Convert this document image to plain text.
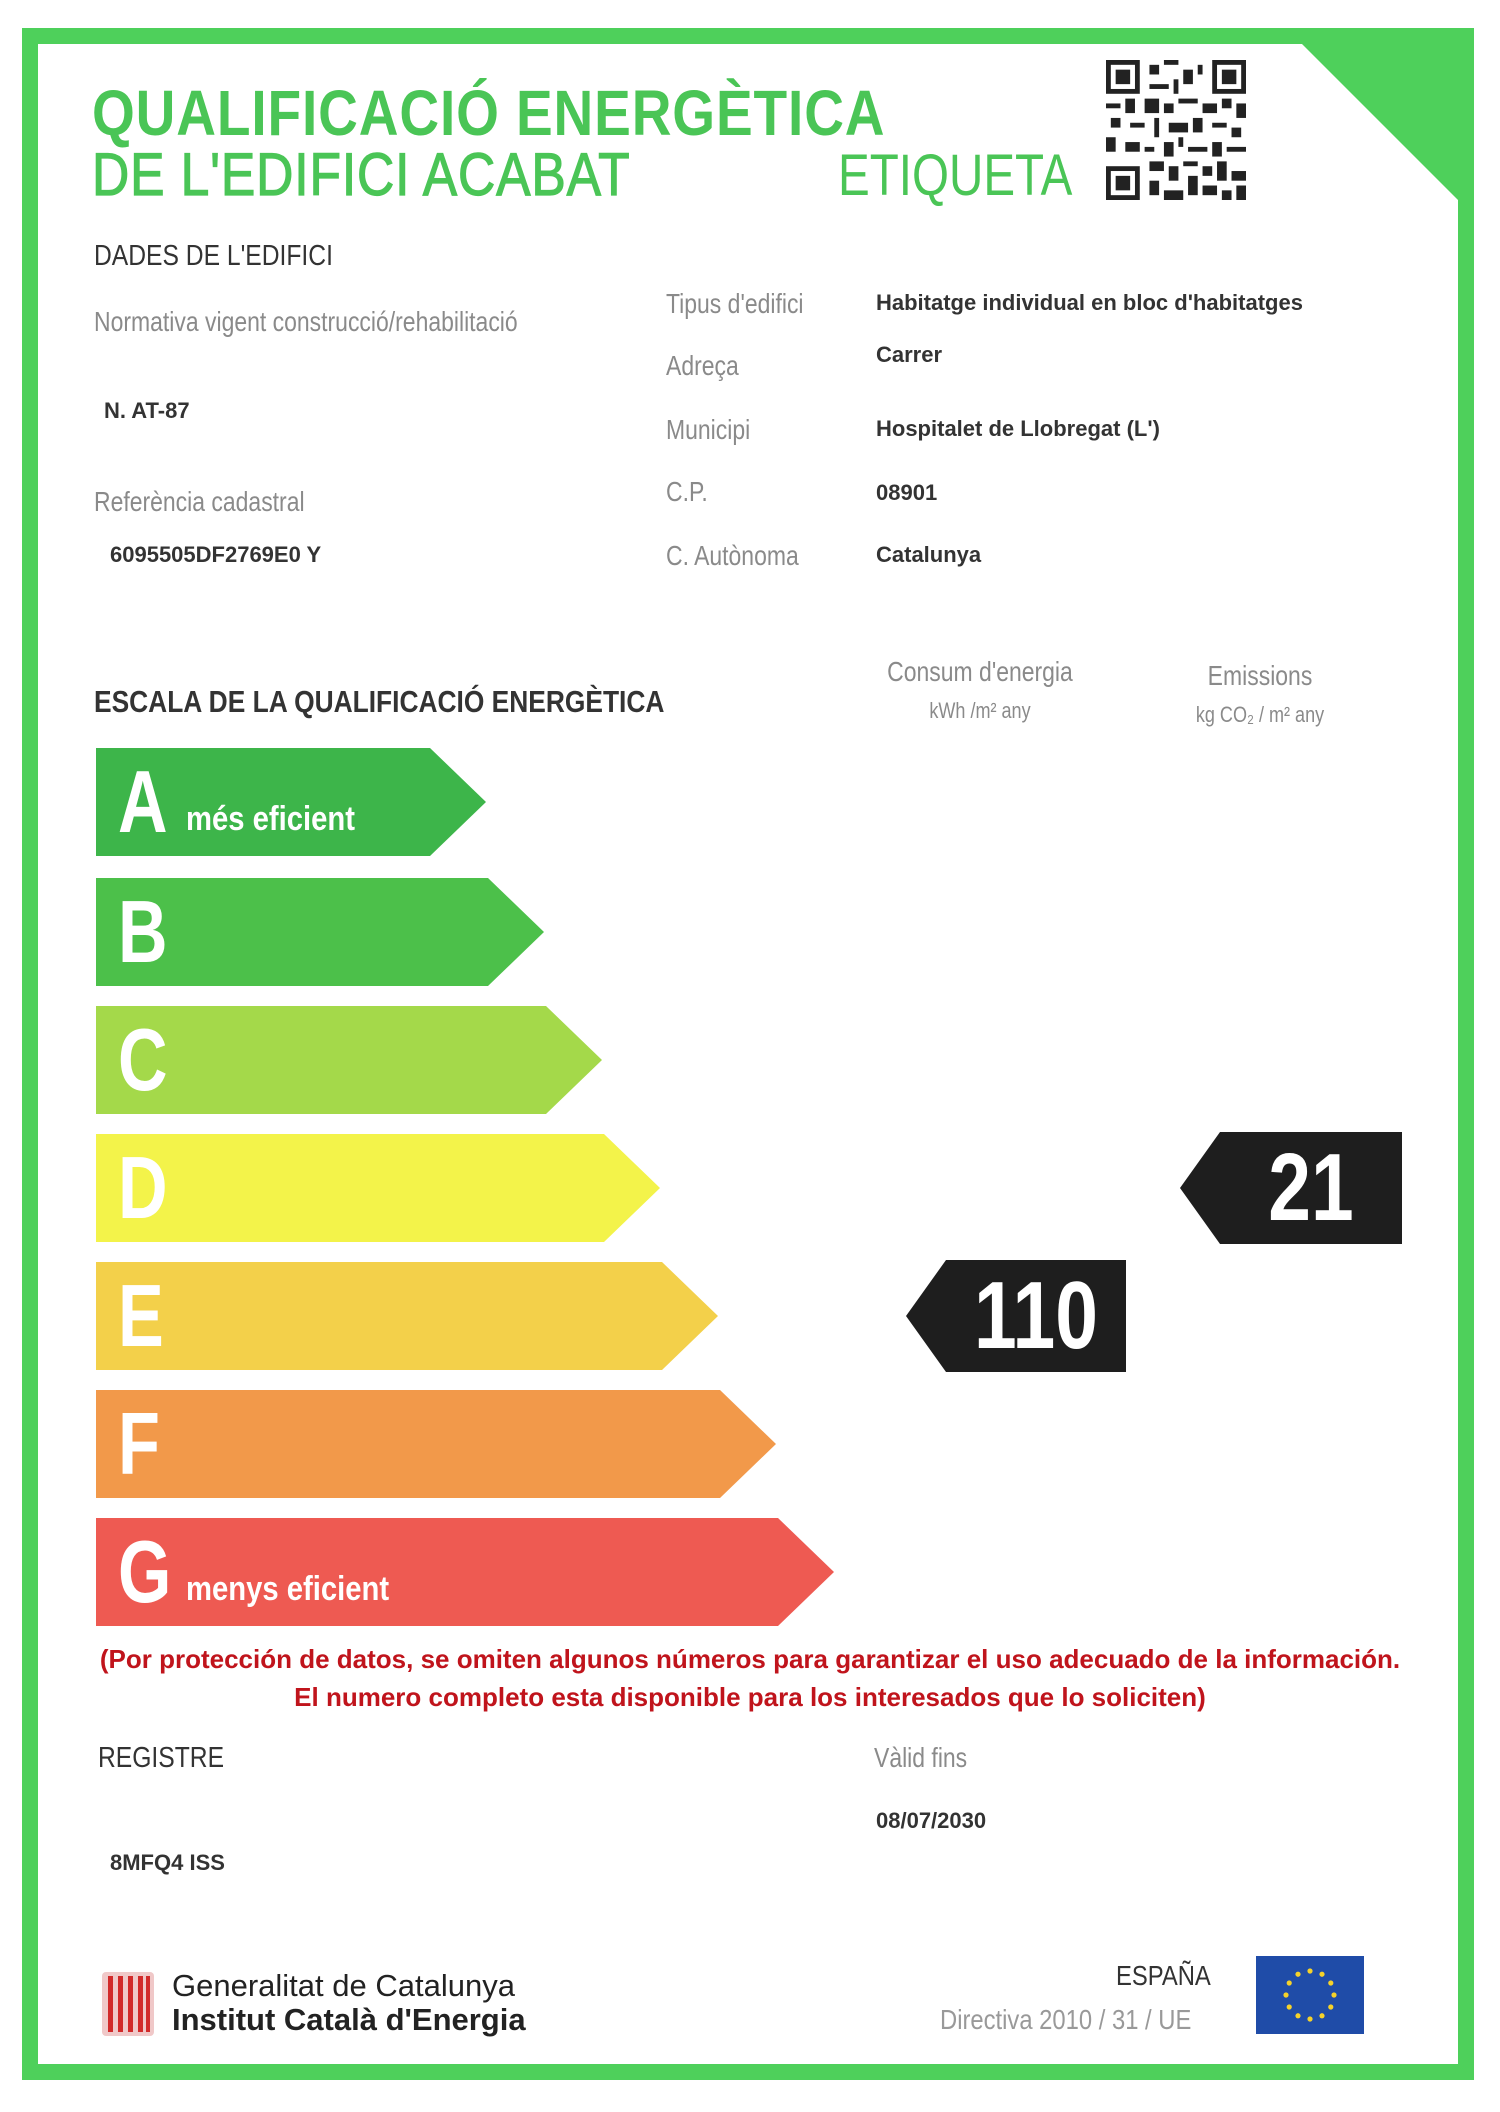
QUALIFICACIÓ ENERGÈTICA
DE L'EDIFICI ACABAT	ETIQUETA
DADES DE L'EDIFICI
Normativa vigent construcció/rehabilitació
N. AT-87
Referència cadastral
6095505DF2769E0 Y
Tipus d'edifici	Habitatge individual en bloc d'habitatges
Adreça	Carrer
Municipi	Hospitalet de Llobregat (L')
C.P.	08901
C. Autònoma	Catalunya
ESCALA DE LA QUALIFICACIÓ ENERGÈTICA
Consum d'energia
kWh /m² any
Emissions
kg CO₂ / m² any
A més eficient
B
C
D
E
F
G menys eficient
110
21
(Por protección de datos, se omiten algunos números para garantizar el uso adecuado de la información.
El numero completo esta disponible para los interesados que lo soliciten)
REGISTRE
8MFQ4 ISS
Vàlid fins
08/07/2030
Generalitat de Catalunya
Institut Català d'Energia
ESPAÑA
Directiva 2010 / 31 / UE
